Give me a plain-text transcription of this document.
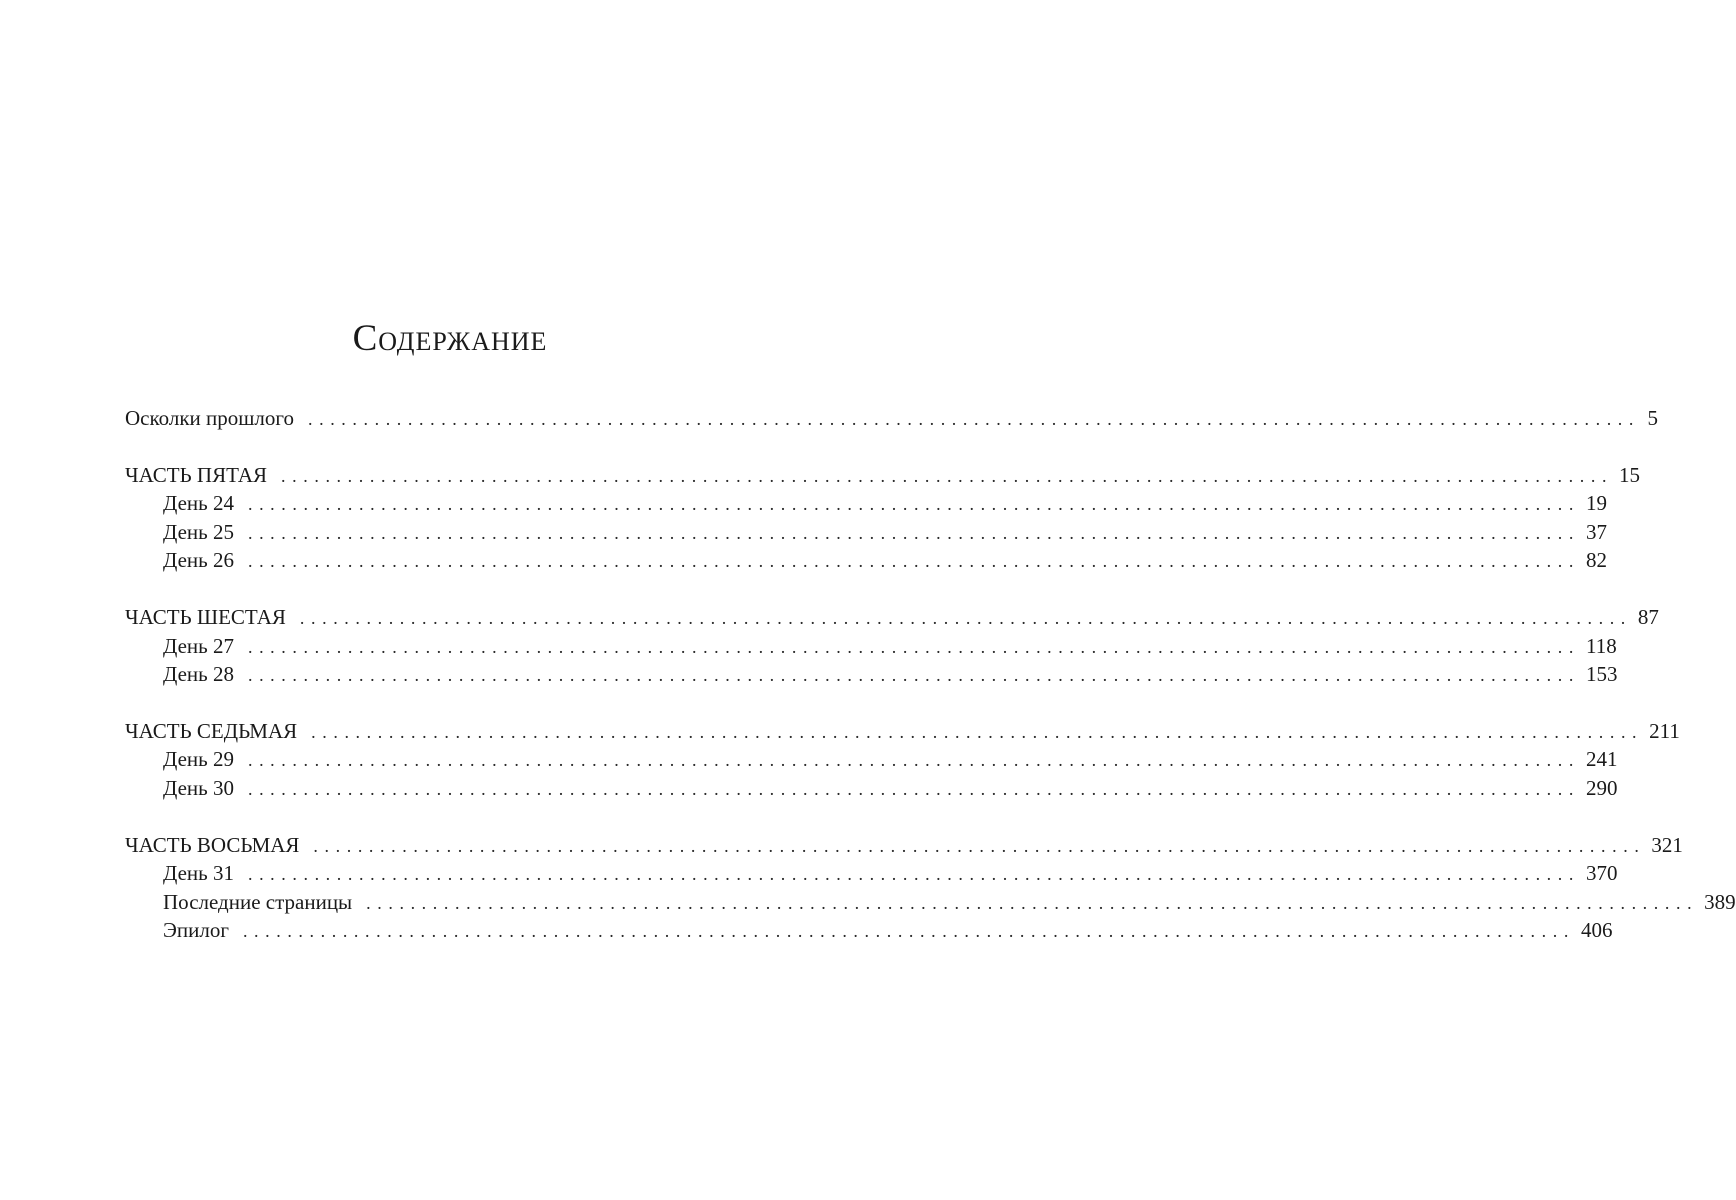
Содержание
Осколки прошлого ........................................................................................................................ 5
ЧАСТЬ ПЯТАЯ ........................................................................................................................ 15
День 24 ........................................................................................................................ 19
День 25 ........................................................................................................................ 37
День 26 ........................................................................................................................ 82
ЧАСТЬ ШЕСТАЯ ........................................................................................................................ 87
День 27 ........................................................................................................................ 118
День 28 ........................................................................................................................ 153
ЧАСТЬ СЕДЬМАЯ ........................................................................................................................ 211
День 29 ........................................................................................................................ 241
День 30 ........................................................................................................................ 290
ЧАСТЬ ВОСЬМАЯ ........................................................................................................................ 321
День 31 ........................................................................................................................ 370
Последние страницы ........................................................................................................................ 389
Эпилог ........................................................................................................................ 406
